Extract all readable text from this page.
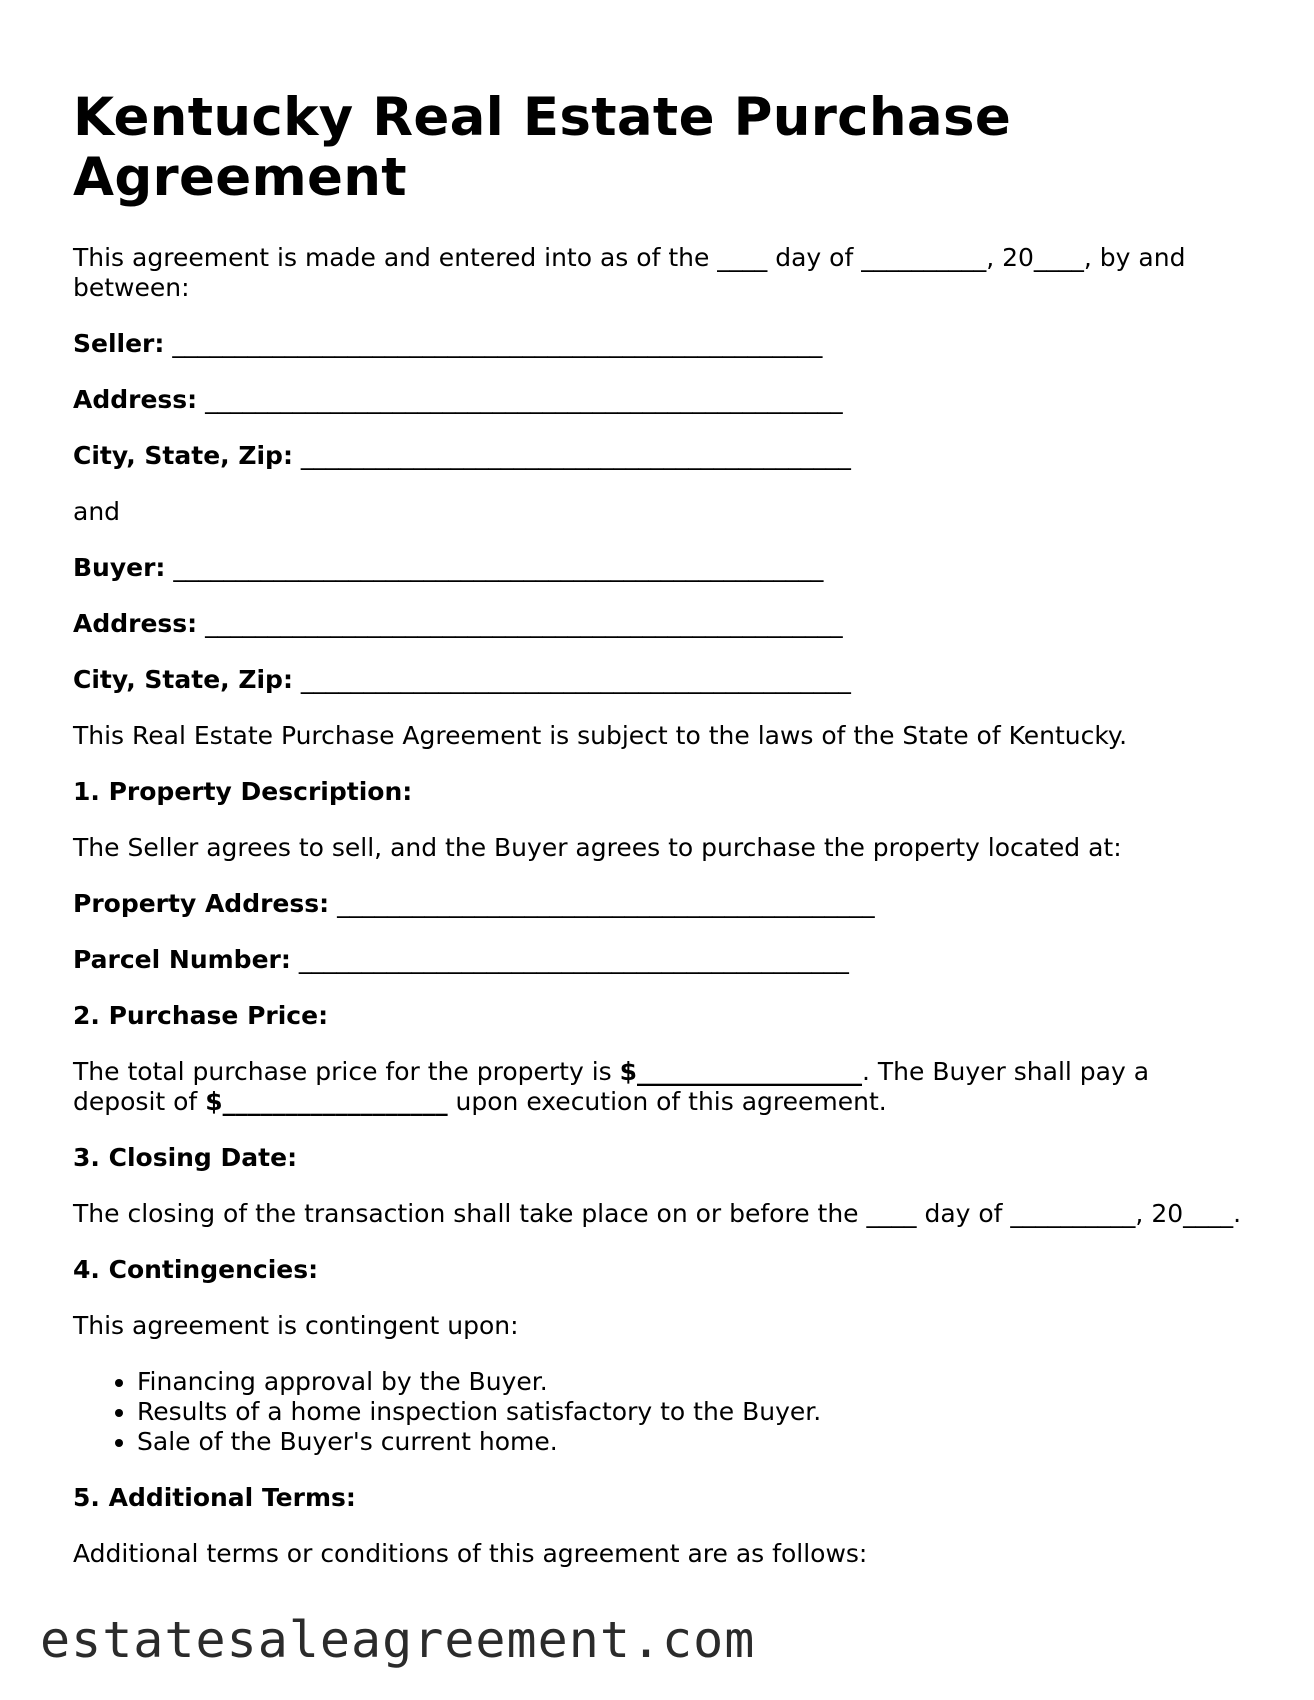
Kentucky Real Estate Purchase Agreement

This agreement is made and entered into as of the ____ day of __________, 20____, by and between:

Seller: ____________________________________________________

Address: ___________________________________________________

City, State, Zip: ____________________________________________

and

Buyer: ____________________________________________________

Address: ___________________________________________________

City, State, Zip: ____________________________________________

This Real Estate Purchase Agreement is subject to the laws of the State of Kentucky.

1. Property Description:

The Seller agrees to sell, and the Buyer agrees to purchase the property located at:

Property Address: ___________________________________________

Parcel Number: ____________________________________________

2. Purchase Price:

The total purchase price for the property is $__________________. The Buyer shall pay a deposit of $__________________ upon execution of this agreement.

3. Closing Date:

The closing of the transaction shall take place on or before the ____ day of __________, 20____.

4. Contingencies:

This agreement is contingent upon:

• Financing approval by the Buyer.
• Results of a home inspection satisfactory to the Buyer.
• Sale of the Buyer's current home.
5. Additional Terms:

Additional terms or conditions of this agreement are as follows:

estatesaleagreement.com
